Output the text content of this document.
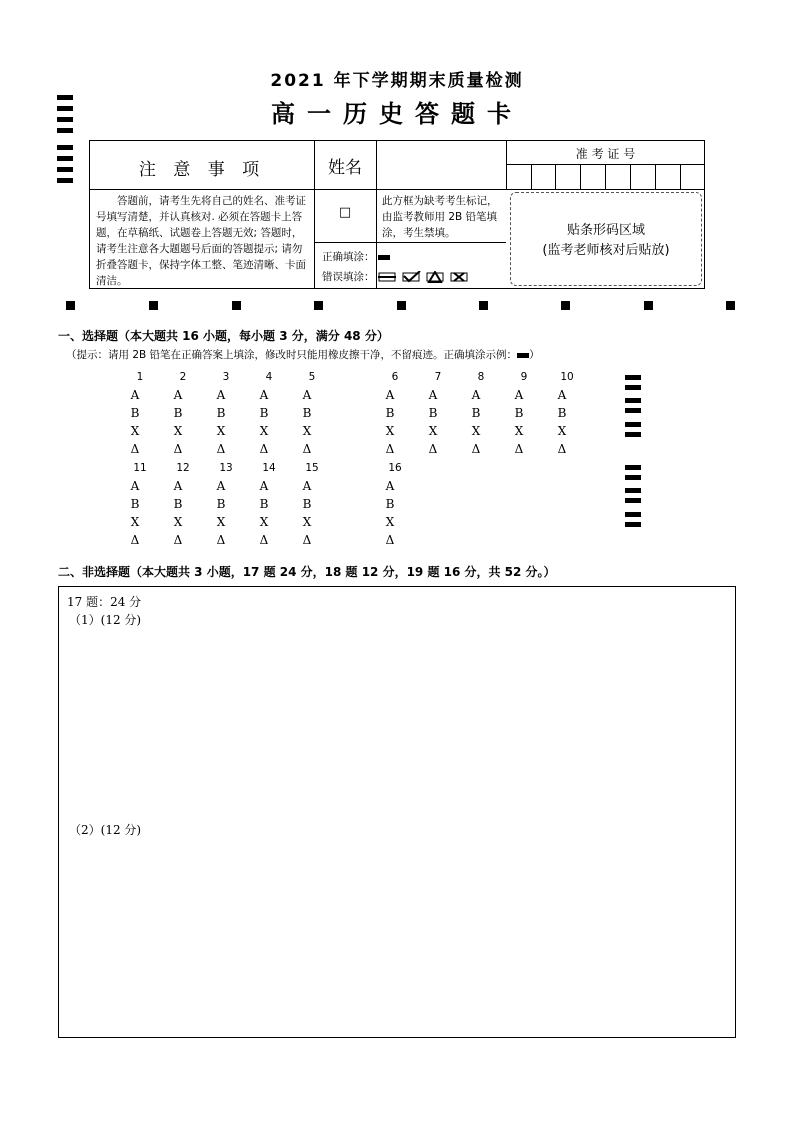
2021 年下学期期末质量检测
高一历史答题卡
注 意 事 项	姓名
准 考 证 号
答题前，请考生先将自己的姓名、准考证号填写清楚，并认真核对. 必须在答题卡上答题，在草稿纸、试题卷上答题无效; 答题时，请考生注意各大题题号后面的答题提示; 请勿折叠答题卡，保持字体工整、笔迹清晰、卡面清洁。
□
此方框为缺考考生标记，由监考教师用 2B 铅笔填涂，考生禁填。
正确填涂：
错误填涂：
贴条形码区域
(监考老师核对后贴放)
一、选择题（本大题共 16 小题，每小题 3 分，满分 48 分）
（提示：请用 2B 铅笔在正确答案上填涂，修改时只能用橡皮擦干净，不留痕迹。正确填涂示例： ）
1
A
B
X
Δ
2
A
B
X
Δ
3
A
B
X
Δ
4
A
B
X
Δ
5
A
B
X
Δ
6
A
B
X
Δ
7
A
B
X
Δ
8
A
B
X
Δ
9
A
B
X
Δ
10
A
B
X
Δ
11
A
B
X
Δ
12
A
B
X
Δ
13
A
B
X
Δ
14
A
B
X
Δ
15
A
B
X
Δ
16
A
B
X
Δ
二、非选择题（本大题共 3 小题，17 题 24 分，18 题 12 分，19 题 16 分，共 52 分。）
17 题：24 分
（1）(12 分)
（2）(12 分)
